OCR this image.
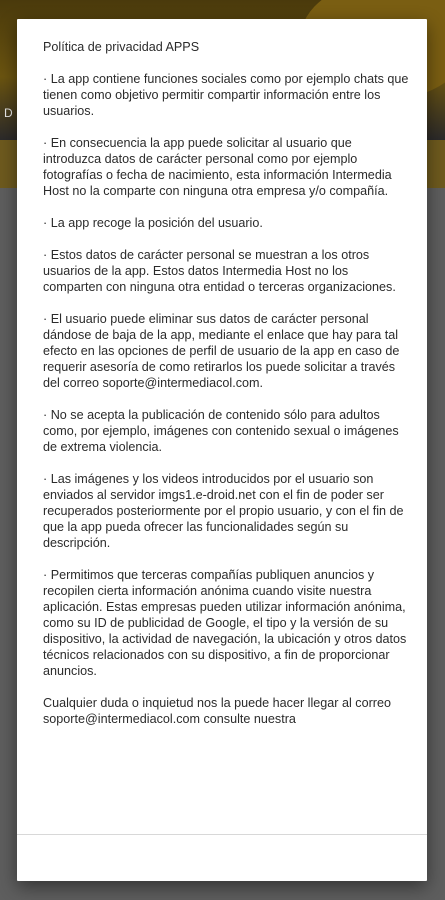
D

Política de privacidad APPS

· La app contiene funciones sociales como por ejemplo chats que tienen como objetivo permitir compartir información entre los usuarios.

· En consecuencia la app puede solicitar al usuario que introduzca datos de carácter personal como por ejemplo fotografías o fecha de nacimiento, esta información Intermedia Host no la comparte con ninguna otra empresa y/o compañía.

· La app recoge la posición del usuario.

· Estos datos de carácter personal se muestran a los otros usuarios de la app. Estos datos Intermedia Host no los comparten con ninguna otra entidad o terceras organizaciones.

· El usuario puede eliminar sus datos de carácter personal dándose de baja de la app, mediante el enlace que hay para tal efecto en las opciones de perfil de usuario de la app en caso de requerir asesoría de como retirarlos los puede solicitar a través del correo soporte@intermediacol.com.

· No se acepta la publicación de contenido sólo para adultos como, por ejemplo, imágenes con contenido sexual o imágenes de extrema violencia.

· Las imágenes y los videos introducidos por el usuario son enviados al servidor imgs1.e-droid.net con el fin de poder ser recuperados posteriormente por el propio usuario, y con el fin de que la app pueda ofrecer las funcionalidades según su descripción.

· Permitimos que terceras compañías publiquen anuncios y recopilen cierta información anónima cuando visite nuestra aplicación. Estas empresas pueden utilizar información anónima, como su ID de publicidad de Google, el tipo y la versión de su dispositivo, la actividad de navegación, la ubicación y otros datos técnicos relacionados con su dispositivo, a fin de proporcionar anuncios.

Cualquier duda o inquietud nos la puede hacer llegar al correo soporte@intermediacol.com consulte nuestra
